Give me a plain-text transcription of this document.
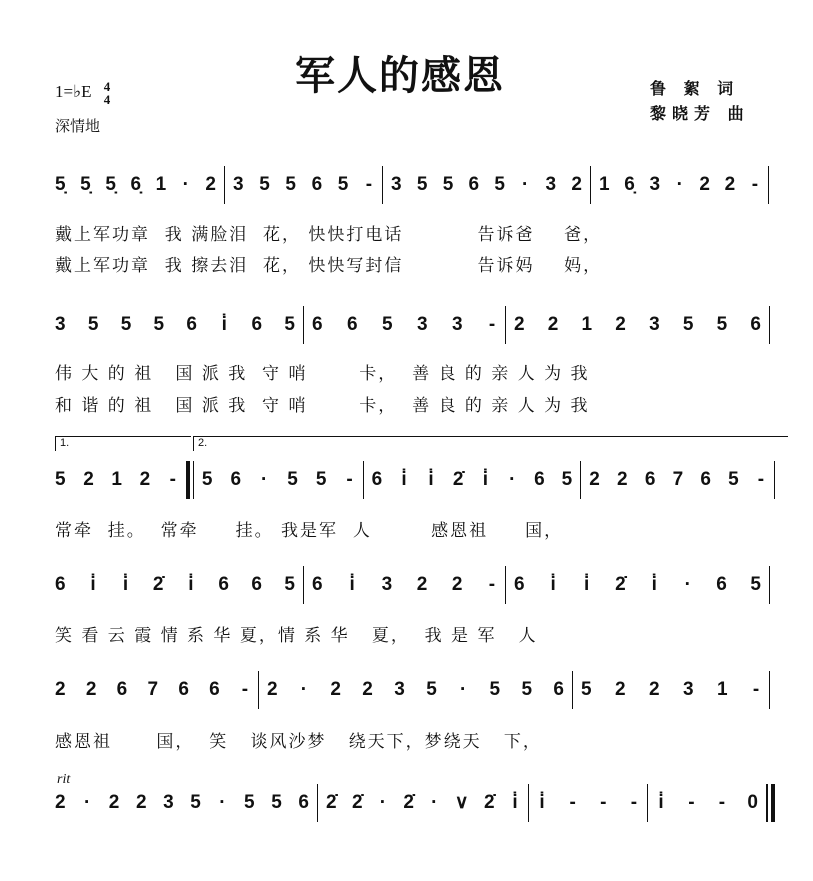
军人的感恩
1=♭E 4
4
深情地
鲁 絮 词
黎晓芳 曲
1.	2.
rit
5̣ 5̣ 5̣ 6̣ 1 · 2 3 5 5 6 5 - 3 5 5 6 5 · 3 2 1 6̣ 3 · 2 2 -
3 5 5 5 6 i̇ 6 5 6 6 5 3 3 - 2 2 1 2 3 5 5 6
5 2 1 2 - 5 6 · 5 5 - 6 i̇ i̇ 2̇ i̇ · 6 5 2 2 6 7 6 5 -
6 i̇ i̇ 2̇ i̇ 6 6 5 6 i̇ 3 2 2 - 6 i̇ i̇ 2̇ i̇ · 6 5
2 2 6 7 6 6 - 2 · 2 2 3 5 · 5 5 6 5 2 2 3 1 -
2 · 2 2 3 5 · 5 5 6 2̇ 2̇ · 2̇ · ∨ 2̇ i̇ i̇ - - - i̇ - - 0
戴上军功章  我 满脸泪  花， 快快打电话          告诉爸    爸，
戴上军功章  我 擦去泪  花， 快快写封信          告诉妈    妈，
伟 大 的 祖   国 派 我  守 哨       卡，  善 良 的 亲 人 为 我
和 谐 的 祖   国 派 我  守 哨       卡，  善 良 的 亲 人 为 我
常牵  挂。  常牵     挂。 我是军  人        感恩祖     国，
笑 看 云 霞 情 系 华 夏，情 系 华   夏，  我 是 军   人
感恩祖      国，  笑   谈风沙梦   绕天下，梦绕天   下，
